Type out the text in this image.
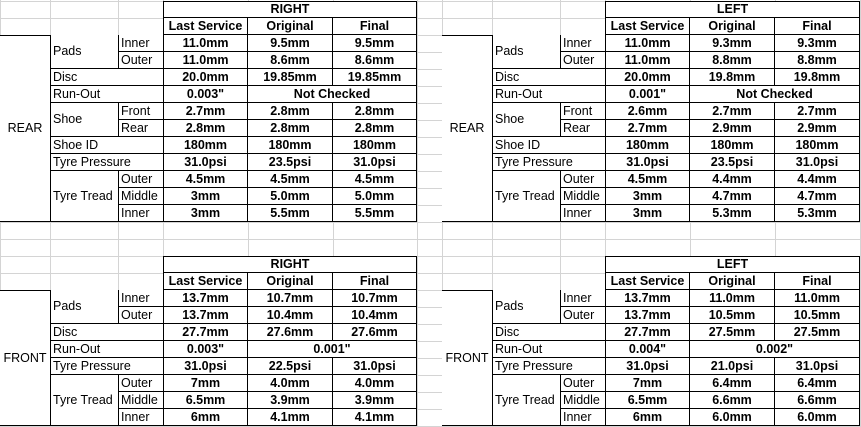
RIGHT
Last Service	Original	Final
Pads
Inner	11.0mm	9.5mm	9.5mm
Outer	11.0mm	8.6mm	8.6mm
Disc	20.0mm	19.85mm	19.85mm
Run-Out	0.003"	Not Checked
Shoe
Front	2.7mm	2.8mm	2.8mm
Rear	2.8mm	2.8mm	2.8mm
Shoe ID	180mm	180mm	180mm
Tyre Pressure	31.0psi	23.5psi	31.0psi
Tyre Tread
Outer	4.5mm	4.5mm	4.5mm
Middle	3mm	5.0mm	5.0mm
Inner	3mm	5.5mm	5.5mm
REAR
LEFT
Last Service	Original	Final
Pads
Inner	11.0mm	9.3mm	9.3mm
Outer	11.0mm	8.8mm	8.8mm
Disc	20.0mm	19.8mm	19.8mm
Run-Out	0.001"	Not Checked
Shoe
Front	2.6mm	2.7mm	2.7mm
Rear	2.7mm	2.9mm	2.9mm
Shoe ID	180mm	180mm	180mm
Tyre Pressure	31.0psi	23.5psi	31.0psi
Tyre Tread
Outer	4.5mm	4.4mm	4.4mm
Middle	3mm	4.7mm	4.7mm
Inner	3mm	5.3mm	5.3mm
REAR
RIGHT
Last Service	Original	Final
Pads
Inner	13.7mm	10.7mm	10.7mm
Outer	13.7mm	10.4mm	10.4mm
Disc	27.7mm	27.6mm	27.6mm
Run-Out	0.003"	0.001"
Tyre Pressure	31.0psi	22.5psi	31.0psi
Tyre Tread
Outer	7mm	4.0mm	4.0mm
Middle	6.5mm	3.9mm	3.9mm
Inner	6mm	4.1mm	4.1mm
FRONT
LEFT
Last Service	Original	Final
Pads
Inner	13.7mm	11.0mm	11.0mm
Outer	13.7mm	10.5mm	10.5mm
Disc	27.7mm	27.5mm	27.5mm
Run-Out	0.004"	0.002"
Tyre Pressure	31.0psi	21.0psi	31.0psi
Tyre Tread
Outer	7mm	6.4mm	6.4mm
Middle	6.5mm	6.6mm	6.6mm
Inner	6mm	6.0mm	6.0mm
FRONT
